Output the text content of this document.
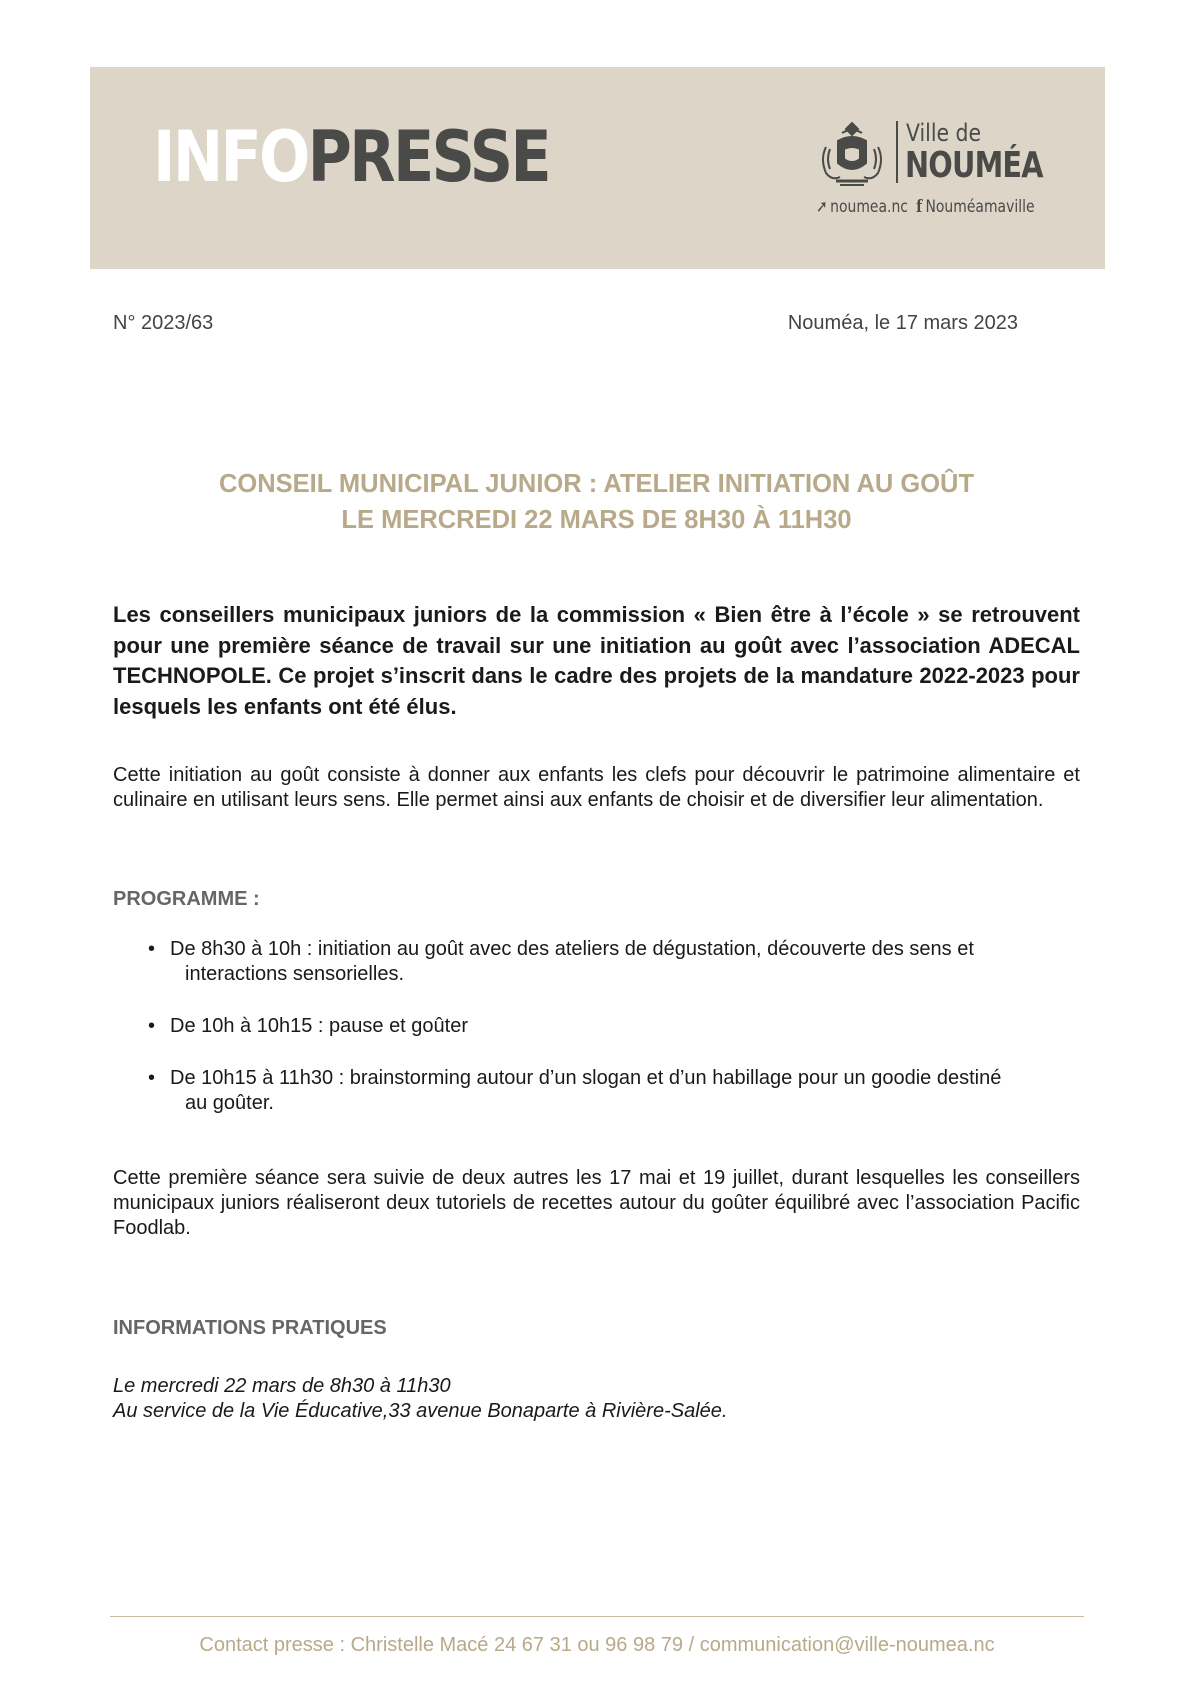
INFOPRESSE	Ville de
NOUMÉA
➚ noumea.nc f Nouméamaville
N° 2023/63	Nouméa, le 17 mars 2023
CONSEIL MUNICIPAL JUNIOR : ATELIER INITIATION AU GOÛT
LE MERCREDI 22 MARS DE 8H30 À 11H30

Les conseillers municipaux juniors de la commission « Bien être à l’école » se retrouvent pour une première séance de travail sur une initiation au goût avec l’association ADECAL TECHNOPOLE. Ce projet s’inscrit dans le cadre des projets de la mandature 2022-2023 pour lesquels les enfants ont été élus.

Cette initiation au goût consiste à donner aux enfants les clefs pour découvrir le patrimoine alimentaire et culinaire en utilisant leurs sens. Elle permet ainsi aux enfants de choisir et de diversifier leur alimentation.

PROGRAMME :
• De 8h30 à 10h : initiation au goût avec des ateliers de dégustation, découverte des sens et
interactions sensorielles.
• De 10h à 10h15 : pause et goûter
• De 10h15 à 11h30 : brainstorming autour d’un slogan et d’un habillage pour un goodie destiné
au goûter.

Cette première séance sera suivie de deux autres les 17 mai et 19 juillet, durant lesquelles les conseillers municipaux juniors réaliseront deux tutoriels de recettes autour du goûter équilibré avec l’association Pacific Foodlab.

INFORMATIONS PRATIQUES
Le mercredi 22 mars de 8h30 à 11h30
Au service de la Vie Éducative,33 avenue Bonaparte à Rivière-Salée.
Contact presse : Christelle Macé 24 67 31 ou 96 98 79 / communication@ville-noumea.nc
